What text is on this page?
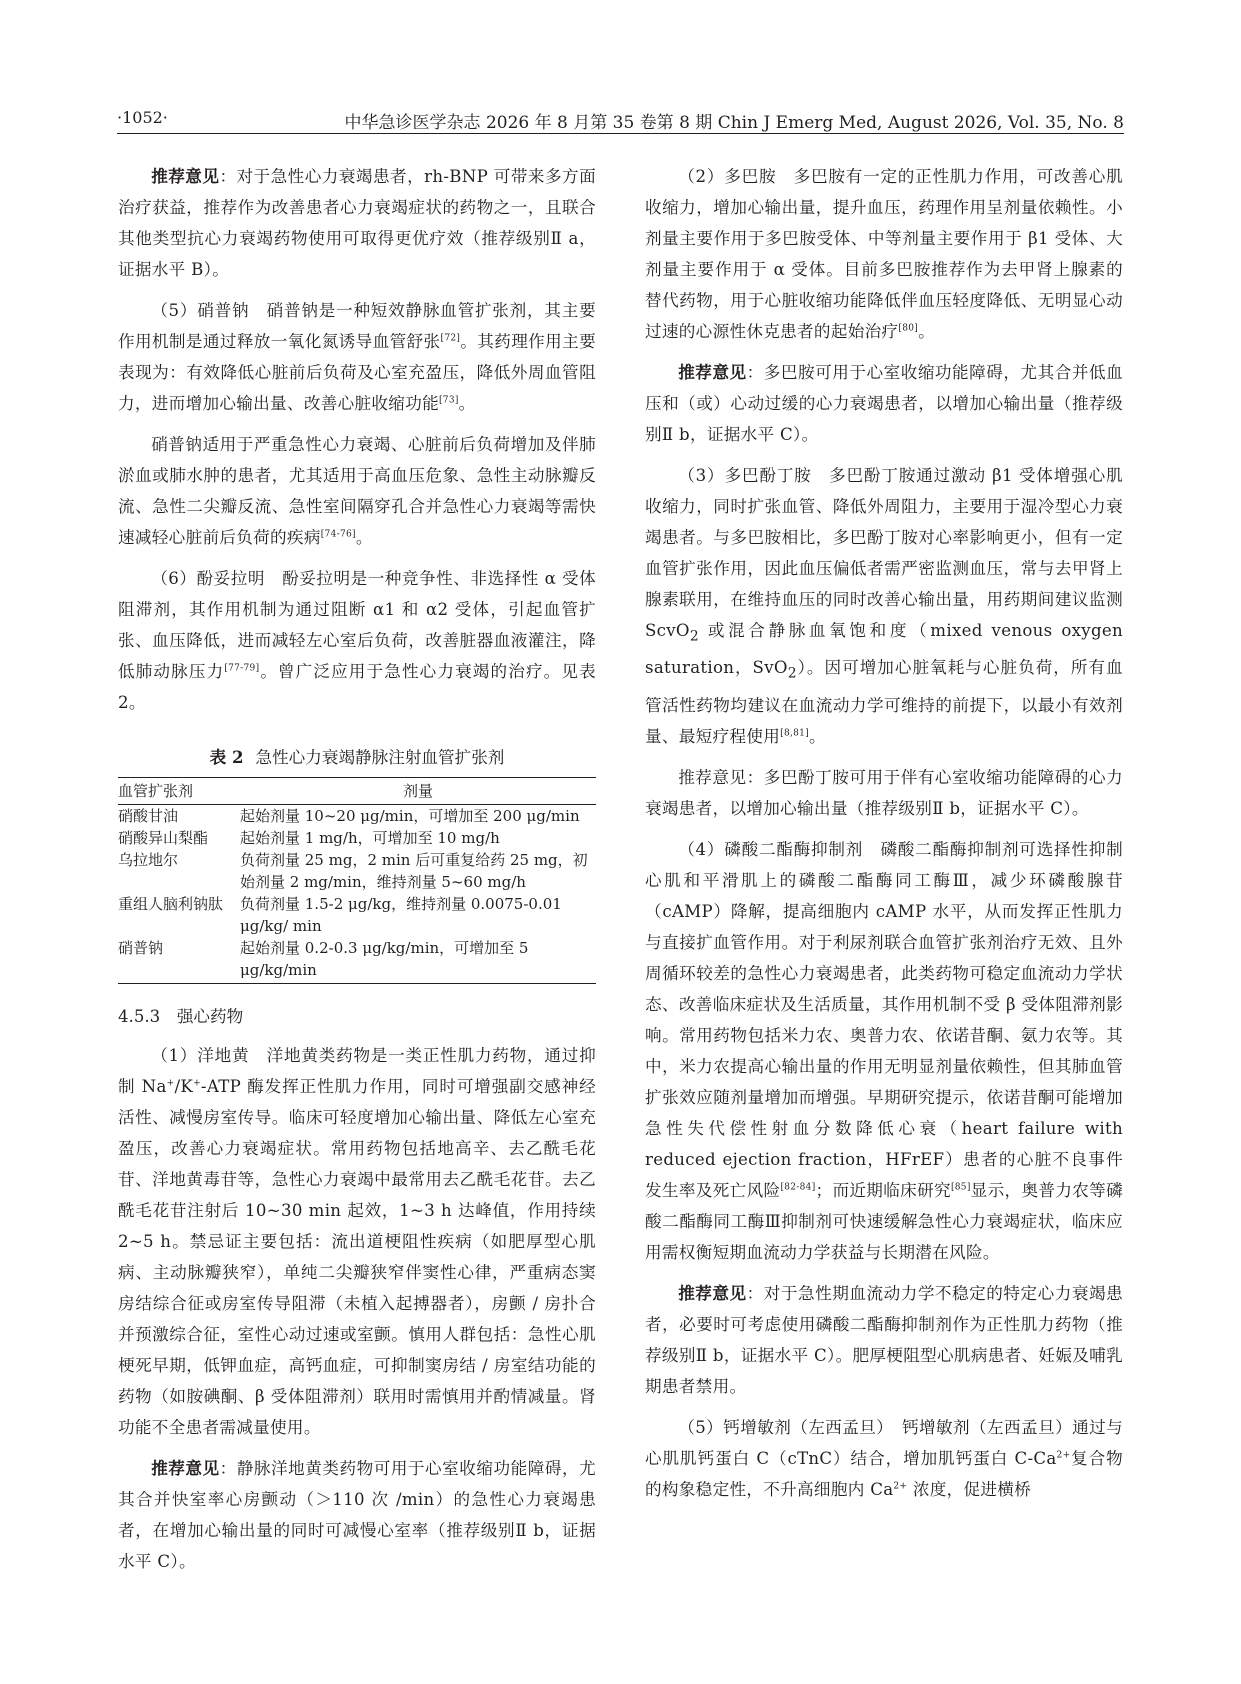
·1052·	中华急诊医学杂志 2026 年 8 月第 35 卷第 8 期 Chin J Emerg Med, August 2026, Vol. 35, No. 8

推荐意见：对于急性心力衰竭患者，rh-BNP 可带来多方面治疗获益，推荐作为改善患者心力衰竭症状的药物之一，且联合其他类型抗心力衰竭药物使用可取得更优疗效（推荐级别Ⅱ a，证据水平 B）。

（5）硝普钠　硝普钠是一种短效静脉血管扩张剂，其主要作用机制是通过释放一氧化氮诱导血管舒张[72]。其药理作用主要表现为：有效降低心脏前后负荷及心室充盈压，降低外周血管阻力，进而增加心输出量、改善心脏收缩功能[73]。

硝普钠适用于严重急性心力衰竭、心脏前后负荷增加及伴肺淤血或肺水肿的患者，尤其适用于高血压危象、急性主动脉瓣反流、急性二尖瓣反流、急性室间隔穿孔合并急性心力衰竭等需快速减轻心脏前后负荷的疾病[74-76]。

（6）酚妥拉明　酚妥拉明是一种竞争性、非选择性 α 受体阻滞剂，其作用机制为通过阻断 α1 和 α2 受体，引起血管扩张、血压降低，进而减轻左心室后负荷，改善脏器血液灌注，降低肺动脉压力[77-79]。曾广泛应用于急性心力衰竭的治疗。见表 2。

表 2 急性心力衰竭静脉注射血管扩张剂
血管扩张剂	剂量
硝酸甘油	起始剂量 10~20 μg/min，可增加至 200 μg/min
硝酸异山梨酯	起始剂量 1 mg/h，可增加至 10 mg/h
乌拉地尔	负荷剂量 25 mg，2 min 后可重复给药 25 mg，初始剂量 2 mg/min，维持剂量 5~60 mg/h
重组人脑利钠肽	负荷剂量 1.5-2 μg/kg，维持剂量 0.0075-0.01 μg/kg/ min
硝普钠	起始剂量 0.2-0.3 μg/kg/min，可增加至 5 μg/kg/min
4.5.3　强心药物

（1）洋地黄　洋地黄类药物是一类正性肌力药物，通过抑制 Na+/K+-ATP 酶发挥正性肌力作用，同时可增强副交感神经活性、减慢房室传导。临床可轻度增加心输出量、降低左心室充盈压，改善心力衰竭症状。常用药物包括地高辛、去乙酰毛花苷、洋地黄毒苷等，急性心力衰竭中最常用去乙酰毛花苷。去乙酰毛花苷注射后 10~30 min 起效，1~3 h 达峰值，作用持续 2~5 h。禁忌证主要包括：流出道梗阻性疾病（如肥厚型心肌病、主动脉瓣狭窄），单纯二尖瓣狭窄伴窦性心律，严重病态窦房结综合征或房室传导阻滞（未植入起搏器者），房颤 / 房扑合并预激综合征，室性心动过速或室颤。慎用人群包括：急性心肌梗死早期，低钾血症，高钙血症，可抑制窦房结 / 房室结功能的药物（如胺碘酮、β 受体阻滞剂）联用时需慎用并酌情减量。肾功能不全患者需减量使用。

推荐意见：静脉洋地黄类药物可用于心室收缩功能障碍，尤其合并快室率心房颤动（＞110 次 /min）的急性心力衰竭患者，在增加心输出量的同时可减慢心室率（推荐级别Ⅱ b，证据水平 C）。

（2）多巴胺　多巴胺有一定的正性肌力作用，可改善心肌收缩力，增加心输出量，提升血压，药理作用呈剂量依赖性。小剂量主要作用于多巴胺受体、中等剂量主要作用于 β1 受体、大剂量主要作用于 α 受体。目前多巴胺推荐作为去甲肾上腺素的替代药物，用于心脏收缩功能降低伴血压轻度降低、无明显心动过速的心源性休克患者的起始治疗[80]。

推荐意见：多巴胺可用于心室收缩功能障碍，尤其合并低血压和（或）心动过缓的心力衰竭患者，以增加心输出量（推荐级别Ⅱ b，证据水平 C）。

（3）多巴酚丁胺　多巴酚丁胺通过激动 β1 受体增强心肌收缩力，同时扩张血管、降低外周阻力，主要用于湿冷型心力衰竭患者。与多巴胺相比，多巴酚丁胺对心率影响更小，但有一定血管扩张作用，因此血压偏低者需严密监测血压，常与去甲肾上腺素联用，在维持血压的同时改善心输出量，用药期间建议监测 ScvO$_2$ 或混合静脉血氧饱和度（mixed venous oxygen saturation，SvO$_2$）。因可增加心脏氧耗与心脏负荷，所有血管活性药物均建议在血流动力学可维持的前提下，以最小有效剂量、最短疗程使用[8,81]。

推荐意见：多巴酚丁胺可用于伴有心室收缩功能障碍的心力衰竭患者，以增加心输出量（推荐级别Ⅱ b，证据水平 C）。

（4）磷酸二酯酶抑制剂　磷酸二酯酶抑制剂可选择性抑制心肌和平滑肌上的磷酸二酯酶同工酶Ⅲ，减少环磷酸腺苷（cAMP）降解，提高细胞内 cAMP 水平，从而发挥正性肌力与直接扩血管作用。对于利尿剂联合血管扩张剂治疗无效、且外周循环较差的急性心力衰竭患者，此类药物可稳定血流动力学状态、改善临床症状及生活质量，其作用机制不受 β 受体阻滞剂影响。常用药物包括米力农、奥普力农、依诺昔酮、氨力农等。其中，米力农提高心输出量的作用无明显剂量依赖性，但其肺血管扩张效应随剂量增加而增强。早期研究提示，依诺昔酮可能增加急性失代偿性射血分数降低心衰（heart failure with reduced ejection fraction，HFrEF）患者的心脏不良事件发生率及死亡风险[82-84]；而近期临床研究[85]显示，奥普力农等磷酸二酯酶同工酶Ⅲ抑制剂可快速缓解急性心力衰竭症状，临床应用需权衡短期血流动力学获益与长期潜在风险。

推荐意见：对于急性期血流动力学不稳定的特定心力衰竭患者，必要时可考虑使用磷酸二酯酶抑制剂作为正性肌力药物（推荐级别Ⅱ b，证据水平 C）。肥厚梗阻型心肌病患者、妊娠及哺乳期患者禁用。

（5）钙增敏剂（左西孟旦）　钙增敏剂（左西孟旦）通过与心肌肌钙蛋白 C（cTnC）结合，增加肌钙蛋白 $C-Ca^{2+}$复合物的构象稳定性，不升高细胞内 $Ca^{2+}$ 浓度，促进横桥
